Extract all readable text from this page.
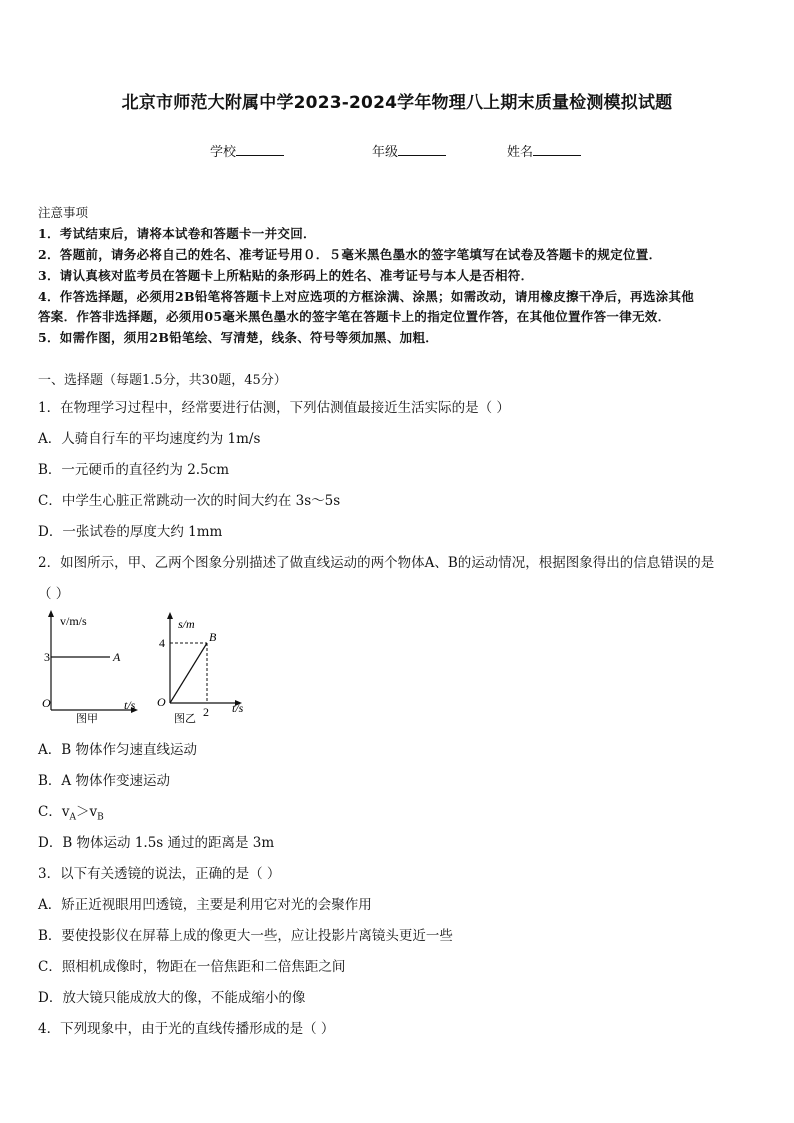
北京市师范大附属中学2023-2024学年物理八上期末质量检测模拟试题
学校	年级	姓名
注意事项
1．考试结束后，请将本试卷和答题卡一并交回．
2．答题前，请务必将自己的姓名、准考证号用０．５毫米黑色墨水的签字笔填写在试卷及答题卡的规定位置．
3．请认真核对监考员在答题卡上所粘贴的条形码上的姓名、准考证号与本人是否相符．
4．作答选择题，必须用2B铅笔将答题卡上对应选项的方框涂满、涂黑；如需改动，请用橡皮擦干净后，再选涂其他
答案．作答非选择题，必须用05毫米黑色墨水的签字笔在答题卡上的指定位置作答，在其他位置作答一律无效．
5．如需作图，须用2B铅笔绘、写清楚，线条、符号等须加黑、加粗．
一、选择题（每题1.5分，共30题，45分）
1．在物理学习过程中，经常要进行估测，下列估测值最接近生活实际的是（ ）
A．人骑自行车的平均速度约为 1m/s
B．一元硬币的直径约为 2.5cm
C．中学生心脏正常跳动一次的时间大约在 3s～5s
D．一张试卷的厚度大约 1mm
2．如图所示，甲、乙两个图象分别描述了做直线运动的两个物体A、B的运动情况，根据图象得出的信息错误的是
（ ）
v/m/s
3	A
O	t/s
图甲
s/m
4	B
O
2 t/s
图乙
A．B 物体作匀速直线运动
B．A 物体作变速运动
C．$v_A>v_B$
D．B 物体运动 1.5s 通过的距离是 3m
3．以下有关透镜的说法，正确的是（ ）
A．矫正近视眼用凹透镜，主要是利用它对光的会聚作用
B．要使投影仪在屏幕上成的像更大一些，应让投影片离镜头更近一些
C．照相机成像时，物距在一倍焦距和二倍焦距之间
D．放大镜只能成放大的像，不能成缩小的像
4．下列现象中，由于光的直线传播形成的是（ ）
